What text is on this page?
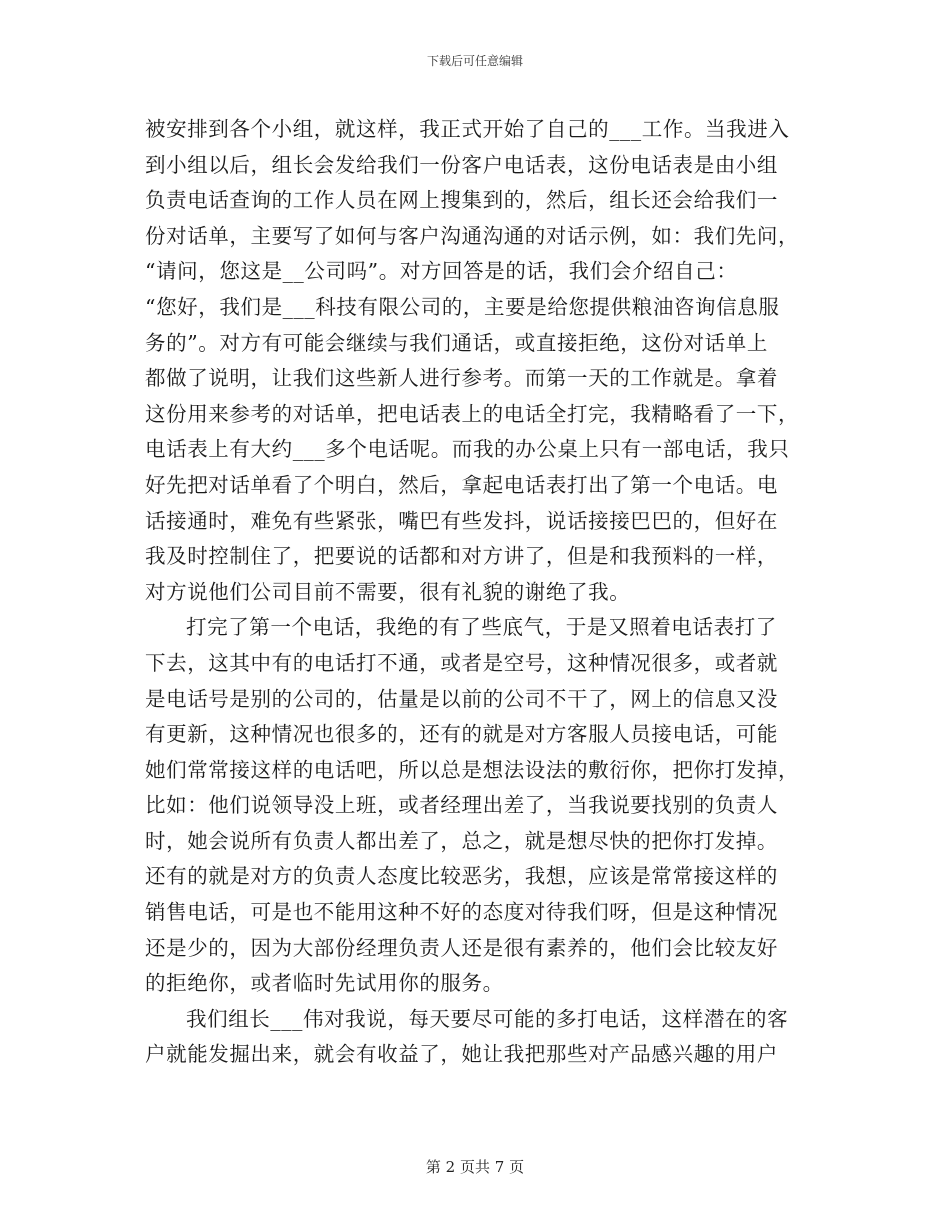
下载后可任意编辑
被安排到各个小组，就这样，我正式开始了自己的___工作。当我进入
到小组以后，组长会发给我们一份客户电话表，这份电话表是由小组
负责电话查询的工作人员在网上搜集到的，然后，组长还会给我们一
份对话单，主要写了如何与客户沟通沟通的对话示例，如：我们先问，
“请问，您这是__公司吗”。对方回答是的话，我们会介绍自己：
“您好，我们是___科技有限公司的，主要是给您提供粮油咨询信息服
务的”。对方有可能会继续与我们通话，或直接拒绝，这份对话单上
都做了说明，让我们这些新人进行参考。而第一天的工作就是。拿着
这份用来参考的对话单，把电话表上的电话全打完，我精略看了一下，
电话表上有大约___多个电话呢。而我的办公桌上只有一部电话，我只
好先把对话单看了个明白，然后，拿起电话表打出了第一个电话。电
话接通时，难免有些紧张，嘴巴有些发抖，说话接接巴巴的，但好在
我及时控制住了，把要说的话都和对方讲了，但是和我预料的一样，
对方说他们公司目前不需要，很有礼貌的谢绝了我。
打完了第一个电话，我绝的有了些底气，于是又照着电话表打了
下去，这其中有的电话打不通，或者是空号，这种情况很多，或者就
是电话号是别的公司的，估量是以前的公司不干了，网上的信息又没
有更新，这种情况也很多的，还有的就是对方客服人员接电话，可能
她们常常接这样的电话吧，所以总是想法设法的敷衍你，把你打发掉，
比如：他们说领导没上班，或者经理出差了，当我说要找别的负责人
时，她会说所有负责人都出差了，总之，就是想尽快的把你打发掉。
还有的就是对方的负责人态度比较恶劣，我想，应该是常常接这样的
销售电话，可是也不能用这种不好的态度对待我们呀，但是这种情况
还是少的，因为大部份经理负责人还是很有素养的，他们会比较友好
的拒绝你，或者临时先试用你的服务。
我们组长___伟对我说，每天要尽可能的多打电话，这样潜在的客
户就能发掘出来，就会有收益了，她让我把那些对产品感兴趣的用户
第 2 页共 7 页
